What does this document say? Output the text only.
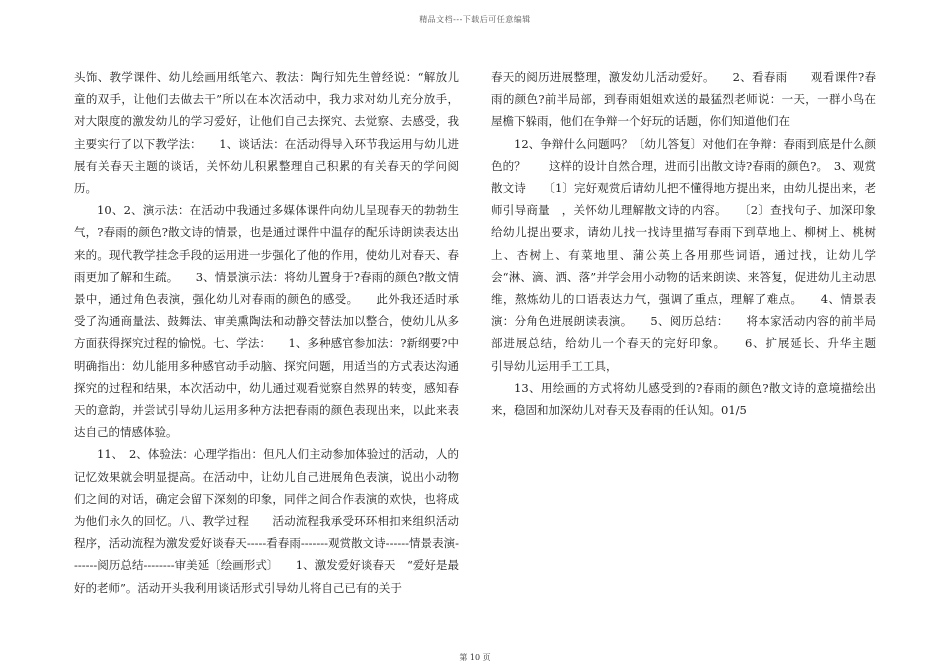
精品文档---下载后可任意编辑

头饰、教学课件、幼儿绘画用纸笔六、教法：陶行知先生曾经说：“解放儿童的双手，让他们去做去干”所以在本次活动中，我力求对幼儿充分放手，对大限度的激发幼儿的学习爱好，让他们自己去探究、去觉察、去感受，我主要实行了以下教学法：　　1、谈话法：在活动得导入环节我运用与幼儿进展有关春天主题的谈话，关怀幼儿积累整理自己积累的有关春天的学问阅历。

10、2、演示法：在活动中我通过多媒体课件向幼儿呈现春天的勃勃生气，?春雨的颜色?散文诗的情景，也是通过课件中温存的配乐诗朗读表达出来的。现代教学挂念手段的运用进一步强化了他的作用，使幼儿对春天、春雨更加了解和生疏。　　3、情景演示法：将幼儿置身于?春雨的颜色?散文情景中，通过角色表演，强化幼儿对春雨的颜色的感受。　　此外我还适时承受了沟通商量法、鼓舞法、审美熏陶法和动静交替法加以整合，使幼儿从多方面获得探究过程的愉悦。七、学法：　　1、多种感官参加法：?新纲要?中明确指出：幼儿能用多种感官动手动脑、探究问题，用适当的方式表达沟通探究的过程和结果，本次活动中，幼儿通过观看觉察自然界的转变，感知春天的意韵，并尝试引导幼儿运用多种方法把春雨的颜色表现出来，以此来表达自己的情感体验。

11、　2、体验法：心理学指出：但凡人们主动参加体验过的活动，人的记忆效果就会明显提高。在活动中，让幼儿自己进展角色表演，说出小动物们之间的对话，确定会留下深刻的印象，同伴之间合作表演的欢快，也将成为他们永久的回忆。八、教学过程　　活动流程我承受环环相扣来组织活动程序，活动流程为激发爱好谈春天-----看春雨-------观赏散文诗------情景表演-------阅历总结--------审美延〔绘画形式〕　　1、激发爱好谈春天　“爱好是最好的老师”。活动开头我利用谈话形式引导幼儿将自己已有的关于

春天的阅历进展整理，激发幼儿活动爱好。　　2、看春雨　　观看课件?春雨的颜色?前半局部，到春雨姐姐欢送的最猛烈老师说：一天，一群小鸟在屋檐下躲雨，他们在争辩一个好玩的话题，你们知道他们在

12、争辩什么问题吗？〔幼儿答复〕对他们在争辩：春雨到底是什么颜色的？　　这样的设计自然合理，进而引出散文诗?春雨的颜色?。　3、观赏散文诗　　〔1〕完好观赏后请幼儿把不懂得地方提出来，由幼儿提出来，老师引导商量　，关怀幼儿理解散文诗的内容。　　〔2〕查找句子、加深印象　　给幼儿提出要求，请幼儿找一找诗里描写春雨下到草地上、柳树上、桃树上、杏树上、有菜地里、蒲公英上各用那些词语，通过找，让幼儿学会“淋、滴、洒、落”并学会用小动物的话来朗读、来答复，促进幼儿主动思维，熬炼幼儿的口语表达力气，强调了重点，理解了难点。　　4、情景表演：分角色进展朗读表演。　　5、阅历总结：　　将本家活动内容的前半局部进展总结，给幼儿一个春天的完好印象。　　6、扩展延长、升华主题　　引导幼儿运用手工工具，

13、用绘画的方式将幼儿感受到的?春雨的颜色?散文诗的意境描绘出来，稳固和加深幼儿对春天及春雨的任认知。01/5

第 10 页
